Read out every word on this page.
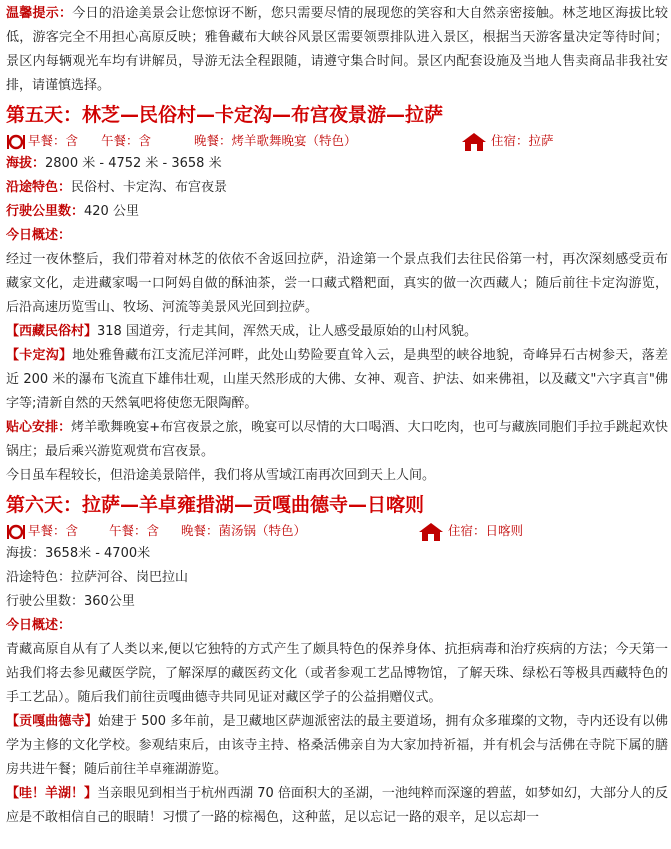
温馨提示：今日的沿途美景会让您惊讶不断，您只需要尽情的展现您的笑容和大自然亲密接触。林芝地区海拔比较低，游客完全不用担心高原反映；雅鲁藏布大峡谷风景区需要领票排队进入景区，根据当天游客量决定等待时间；景区内每辆观光车均有讲解员，导游无法全程跟随，请遵守集合时间。景区内配套设施及当地人售卖商品非我社安排，请谨慎选择。

第五天：林芝—民俗村—卡定沟—布宫夜景游—拉萨
早餐：含 午餐：含	晚餐：烤羊歌舞晚宴（特色）	住宿：拉萨

海拔：2800 米 - 4752 米 - 3658 米

沿途特色：民俗村、卡定沟、布宫夜景

行驶公里数：420 公里

今日概述：

经过一夜休整后，我们带着对林芝的依依不舍返回拉萨，沿途第一个景点我们去往民俗第一村，再次深刻感受贡布藏家文化，走进藏家喝一口阿妈自做的酥油茶，尝一口藏式糌粑面，真实的做一次西藏人；随后前往卡定沟游览，后沿高速历览雪山、牧场、河流等美景风光回到拉萨。

【西藏民俗村】318 国道旁，行走其间，浑然天成，让人感受最原始的山村风貌。

【卡定沟】地处雅鲁藏布江支流尼洋河畔，此处山势险要直耸入云，是典型的峡谷地貌，奇峰异石古树参天，落差近 200 米的瀑布飞流直下雄伟壮观，山崖天然形成的大佛、女神、观音、护法、如来佛祖，以及藏文"六字真言"佛字等;清新自然的天然氧吧将使您无限陶醉。

贴心安排：烤羊歌舞晚宴+布宫夜景之旅，晚宴可以尽情的大口喝酒、大口吃肉，也可与藏族同胞们手拉手跳起欢快锅庄；最后乘兴游览观赏布宫夜景。

今日虽车程较长，但沿途美景陪伴，我们将从雪域江南再次回到天上人间。

第六天：拉萨—羊卓雍措湖—贡嘎曲德寺—日喀则
早餐：含 午餐：含 晚餐：菌汤锅（特色）	住宿：日喀则

海拔：3658米 - 4700米

沿途特色：拉萨河谷、岗巴拉山

行驶公里数：360公里

今日概述：

青藏高原自从有了人类以来,便以它独特的方式产生了颇具特色的保养身体、抗拒病毒和治疗疾病的方法；今天第一站我们将去参见藏医学院，了解深厚的藏医药文化（或者参观工艺品博物馆，了解天珠、绿松石等极具西藏特色的手工艺品）。随后我们前往贡嘎曲德寺共同见证对藏区学子的公益捐赠仪式。

【贡嘎曲德寺】始建于 500 多年前，是卫藏地区萨迦派密法的最主要道场，拥有众多璀璨的文物，寺内还设有以佛学为主修的文化学校。参观结束后，由该寺主持、格桑活佛亲自为大家加持祈福，并有机会与活佛在寺院下属的膳房共进午餐；随后前往羊卓雍湖游览。

【哇！羊湖！】当亲眼见到相当于杭州西湖 70 倍面积大的圣湖，一池纯粹而深邃的碧蓝，如梦如幻，大部分人的反应是不敢相信自己的眼睛！习惯了一路的棕褐色，这种蓝，足以忘记一路的艰辛，足以忘却一
